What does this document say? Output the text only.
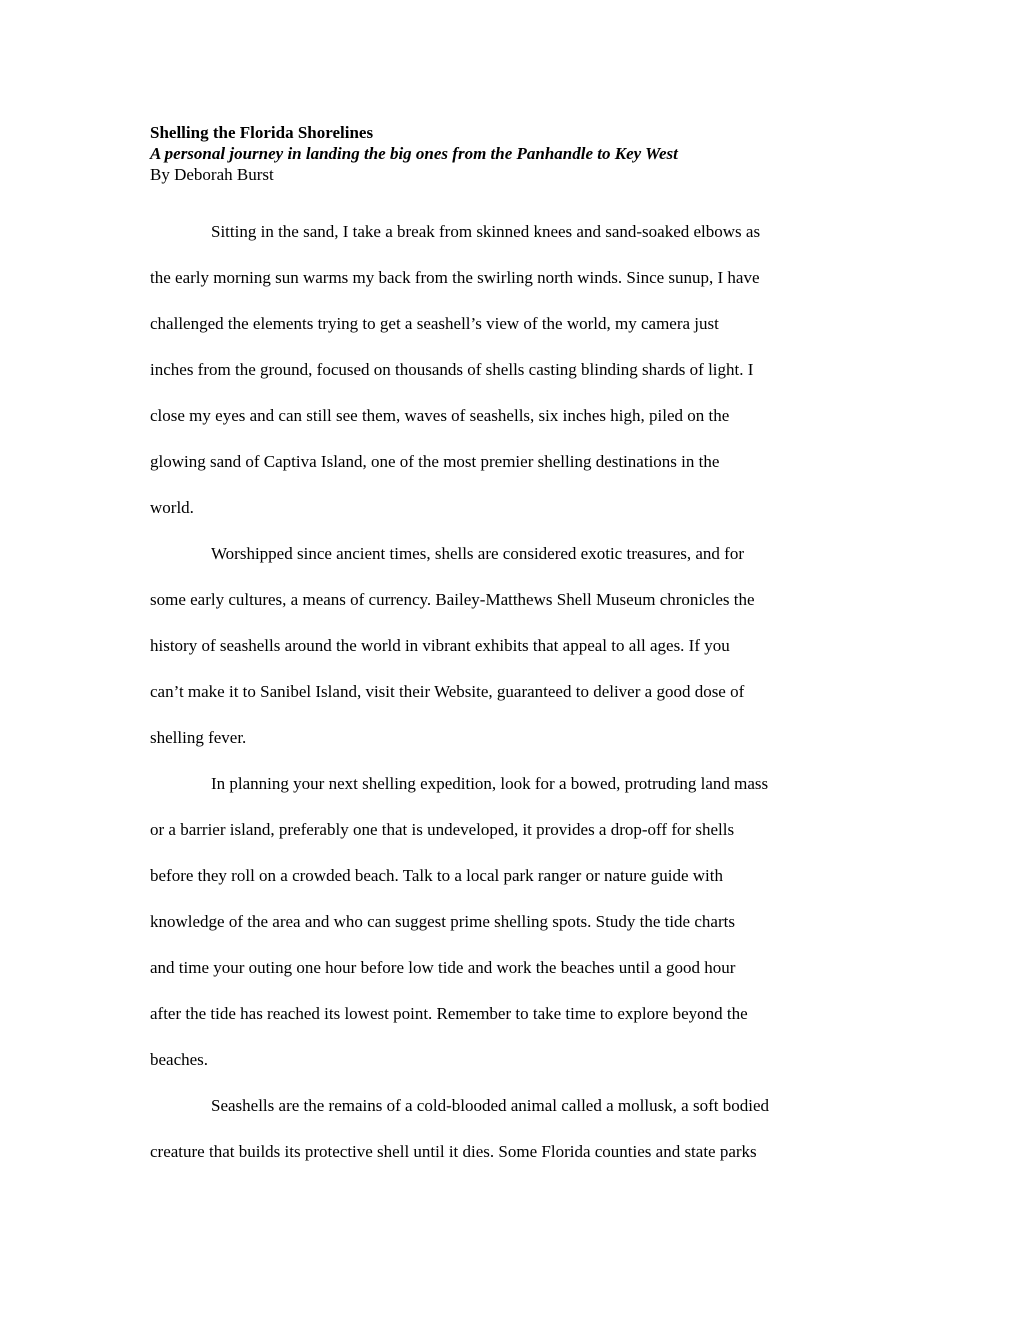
Shelling the Florida Shorelines
A personal journey in landing the big ones from the Panhandle to Key West
By Deborah Burst

Sitting in the sand, I take a break from skinned knees and sand-soaked elbows as
the early morning sun warms my back from the swirling north winds. Since sunup, I have
challenged the elements trying to get a seashell’s view of the world, my camera just
inches from the ground, focused on thousands of shells casting blinding shards of light. I
close my eyes and can still see them, waves of seashells, six inches high, piled on the
glowing sand of Captiva Island, one of the most premier shelling destinations in the
world.

Worshipped since ancient times, shells are considered exotic treasures, and for
some early cultures, a means of currency. Bailey-Matthews Shell Museum chronicles the
history of seashells around the world in vibrant exhibits that appeal to all ages. If you
can’t make it to Sanibel Island, visit their Website, guaranteed to deliver a good dose of
shelling fever.

In planning your next shelling expedition, look for a bowed, protruding land mass
or a barrier island, preferably one that is undeveloped, it provides a drop-off for shells
before they roll on a crowded beach. Talk to a local park ranger or nature guide with
knowledge of the area and who can suggest prime shelling spots. Study the tide charts
and time your outing one hour before low tide and work the beaches until a good hour
after the tide has reached its lowest point. Remember to take time to explore beyond the
beaches.

Seashells are the remains of a cold-blooded animal called a mollusk, a soft bodied
creature that builds its protective shell until it dies. Some Florida counties and state parks
